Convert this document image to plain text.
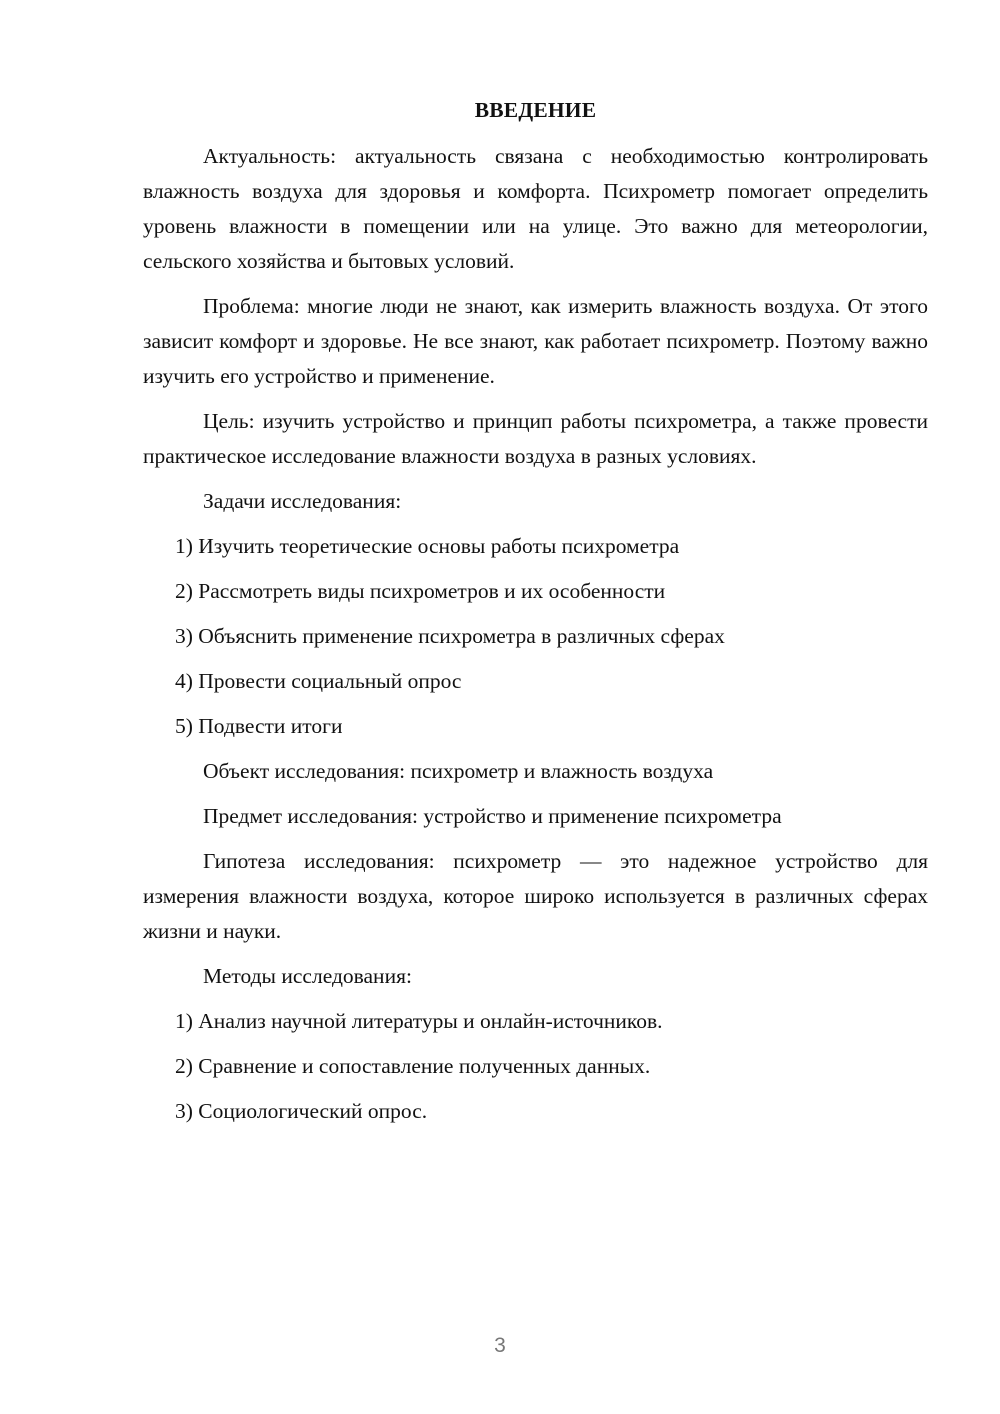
ВВЕДЕНИЕ

Актуальность: актуальность связана с необходимостью контролировать влажность воздуха для здоровья и комфорта. Психрометр помогает определить уровень влажности в помещении или на улице. Это важно для метеорологии, сельского хозяйства и бытовых условий.

Проблема: многие люди не знают, как измерить влажность воздуха. От этого зависит комфорт и здоровье. Не все знают, как работает психрометр. Поэтому важно изучить его устройство и применение.

Цель: изучить устройство и принцип работы психрометра, а также провести практическое исследование влажности воздуха в разных условиях.

Задачи исследования:

1) Изучить теоретические основы работы психрометра

2) Рассмотреть виды психрометров и их особенности

3) Объяснить применение психрометра в различных сферах

4) Провести социальный опрос

5) Подвести итоги

Объект исследования: психрометр и влажность воздуха

Предмет исследования: устройство и применение психрометра

Гипотеза исследования: психрометр — это надежное устройство для измерения влажности воздуха, которое широко используется в различных сферах жизни и науки.

Методы исследования:

1) Анализ научной литературы и онлайн-источников.

2) Сравнение и сопоставление полученных данных.

3) Социологический опрос.

3
